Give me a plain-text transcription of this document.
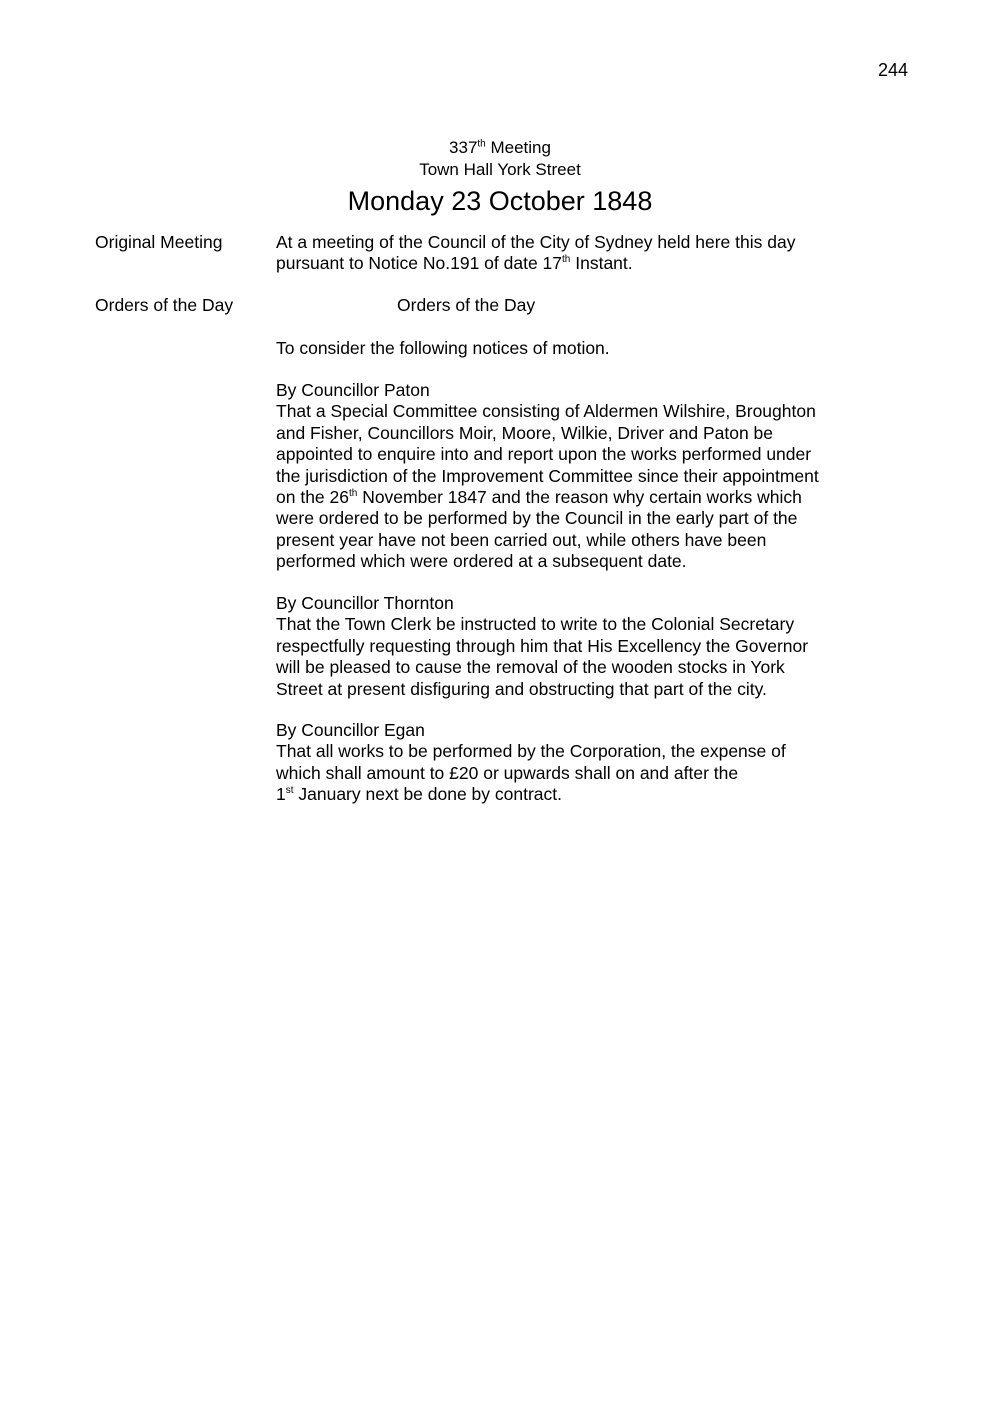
244
337th Meeting
Town Hall York Street
Monday 23 October 1848
Original Meeting	At a meeting of the Council of the City of Sydney held here this day
pursuant to Notice No.191 of date 17th Instant.
Orders of the Day	Orders of the Day
To consider the following notices of motion.
By Councillor Paton
That a Special Committee consisting of Aldermen Wilshire, Broughton
and Fisher, Councillors Moir, Moore, Wilkie, Driver and Paton be
appointed to enquire into and report upon the works performed under
the jurisdiction of the Improvement Committee since their appointment
on the 26th November 1847 and the reason why certain works which
were ordered to be performed by the Council in the early part of the
present year have not been carried out, while others have been
performed which were ordered at a subsequent date.
By Councillor Thornton
That the Town Clerk be instructed to write to the Colonial Secretary
respectfully requesting through him that His Excellency the Governor
will be pleased to cause the removal of the wooden stocks in York
Street at present disfiguring and obstructing that part of the city.
By Councillor Egan
That all works to be performed by the Corporation, the expense of
which shall amount to £20 or upwards shall on and after the
1st January next be done by contract.
